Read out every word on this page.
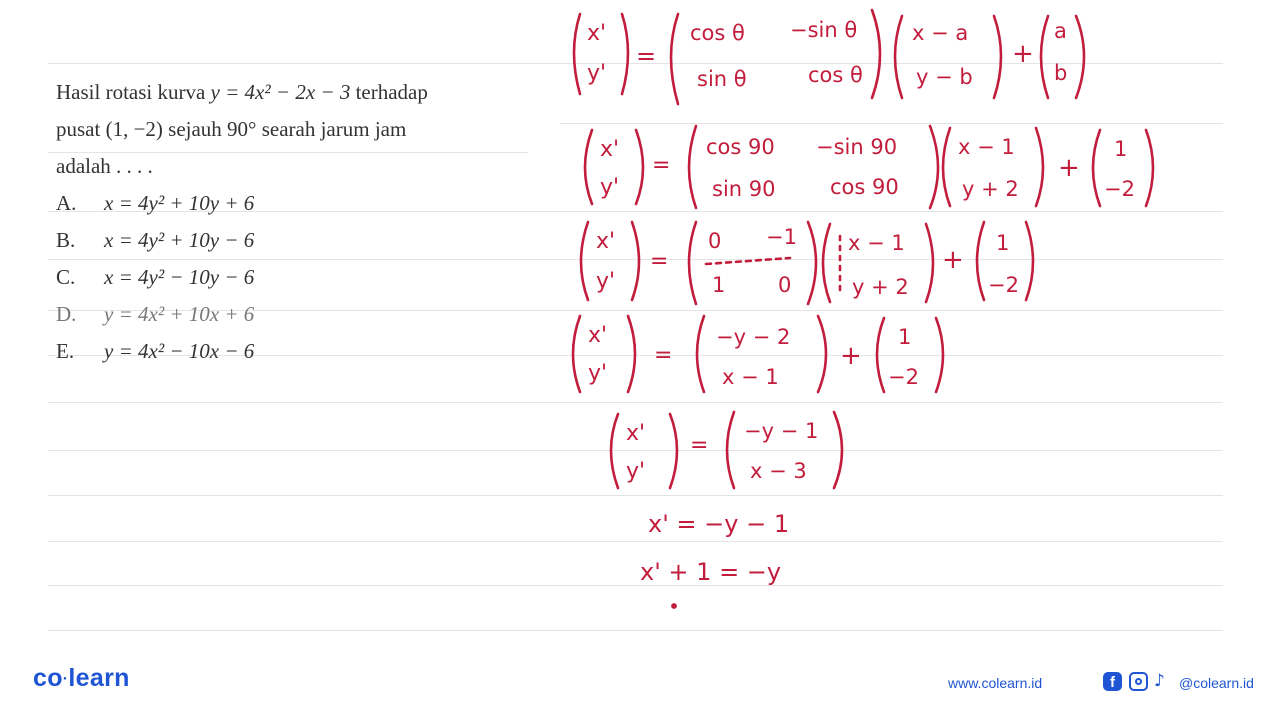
Hasil rotasi kurva y = 4x² − 2x − 3 terhadap
pusat (1, −2) sejauh 90° searah jarum jam
adalah . . . .
A.	x = 4y² + 10y + 6
B.	x = 4y² + 10y − 6
C.	x = 4y² − 10y − 6
D.	y = 4x² + 10x + 6
E.	y = 4x² − 10x − 6
x'
y'
=
cos θ −sin θ
sin θ	cos θ
x − a
y − b
+
a
b
x'
y'
=
cos 90 −sin 90
sin 90	cos 90
x − 1
y + 2
+
1
−2
x'
y'
=
0 −1
1	0
x − 1
y + 2
+
1
−2
x'
y'
=
−y − 2
x − 1
+
1
−2
x'
y'
=
−y − 1
x − 3
x' = −y − 1
x' + 1 = −y
co·learn	www.colearn.id	f	♪	@colearn.id
